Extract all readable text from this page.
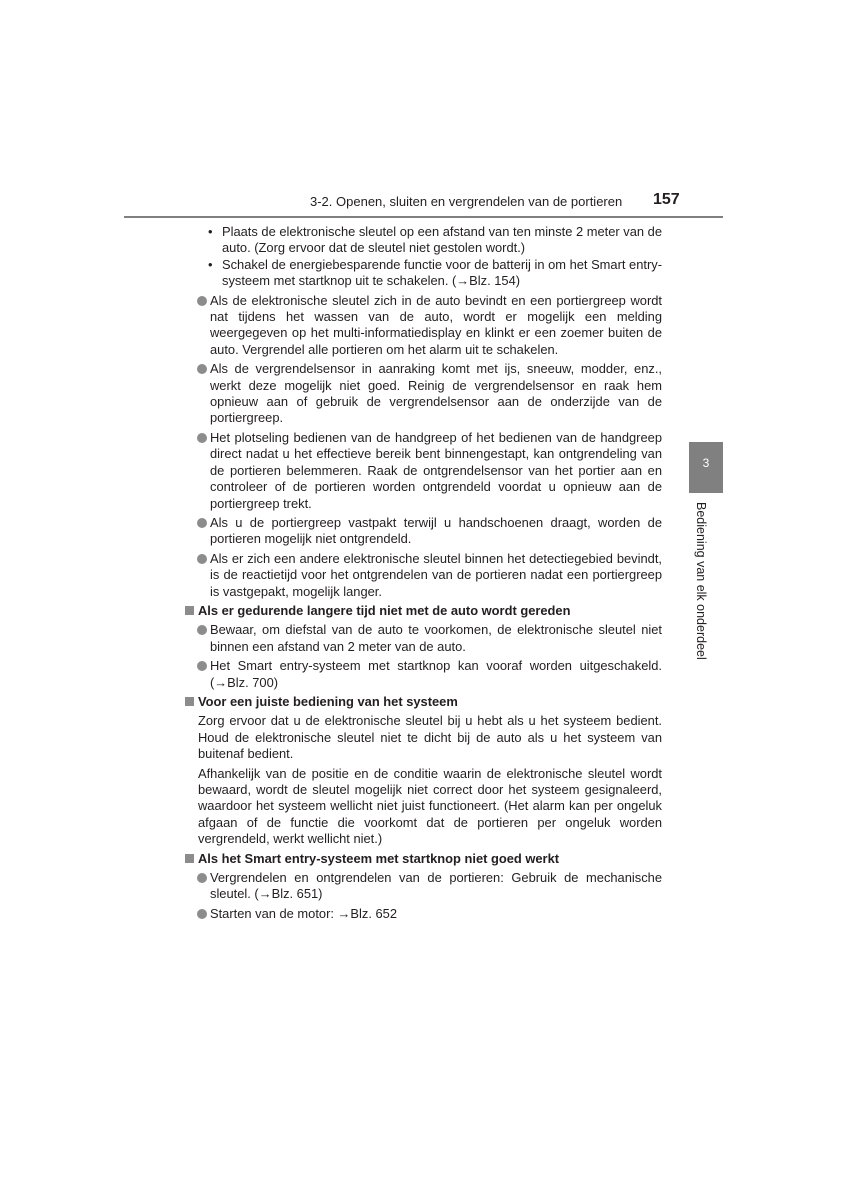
3-2. Openen, sluiten en vergrendelen van de portieren 157
• Plaats de elektronische sleutel op een afstand van ten minste 2 meter van de auto. (Zorg ervoor dat de sleutel niet gestolen wordt.)
• Schakel de energiebesparende functie voor de batterij in om het Smart entry-systeem met startknop uit te schakelen. (→Blz. 154)
Als de elektronische sleutel zich in de auto bevindt en een portiergreep wordt nat tijdens het wassen van de auto, wordt er mogelijk een melding weergegeven op het multi-informatiedisplay en klinkt er een zoemer buiten de auto. Vergrendel alle portieren om het alarm uit te schakelen.
Als de vergrendelsensor in aanraking komt met ijs, sneeuw, modder, enz., werkt deze mogelijk niet goed. Reinig de vergrendelsensor en raak hem opnieuw aan of gebruik de vergrendelsensor aan de onderzijde van de portiergreep.
Het plotseling bedienen van de handgreep of het bedienen van de handgreep direct nadat u het effectieve bereik bent binnengestapt, kan ontgrendeling van de portieren belemmeren. Raak de ontgrendelsensor van het portier aan en controleer of de portieren worden ontgrendeld voordat u opnieuw aan de portiergreep trekt.
Als u de portiergreep vastpakt terwijl u handschoenen draagt, worden de portieren mogelijk niet ontgrendeld.
Als er zich een andere elektronische sleutel binnen het detectiegebied bevindt, is de reactietijd voor het ontgrendelen van de portieren nadat een portiergreep is vastgepakt, mogelijk langer.
Als er gedurende langere tijd niet met de auto wordt gereden
Bewaar, om diefstal van de auto te voorkomen, de elektronische sleutel niet binnen een afstand van 2 meter van de auto.
Het Smart entry-systeem met startknop kan vooraf worden uitgeschakeld. (→Blz. 700)
Voor een juiste bediening van het systeem
Zorg ervoor dat u de elektronische sleutel bij u hebt als u het systeem bedient. Houd de elektronische sleutel niet te dicht bij de auto als u het systeem van buitenaf bedient.
Afhankelijk van de positie en de conditie waarin de elektronische sleutel wordt bewaard, wordt de sleutel mogelijk niet correct door het systeem gesignaleerd, waardoor het systeem wellicht niet juist functioneert. (Het alarm kan per ongeluk afgaan of de functie die voorkomt dat de portieren per ongeluk worden vergrendeld, werkt wellicht niet.)
Als het Smart entry-systeem met startknop niet goed werkt
Vergrendelen en ontgrendelen van de portieren: Gebruik de mechanische sleutel. (→Blz. 651)
Starten van de motor: →Blz. 652
3
Bediening van elk onderdeel
